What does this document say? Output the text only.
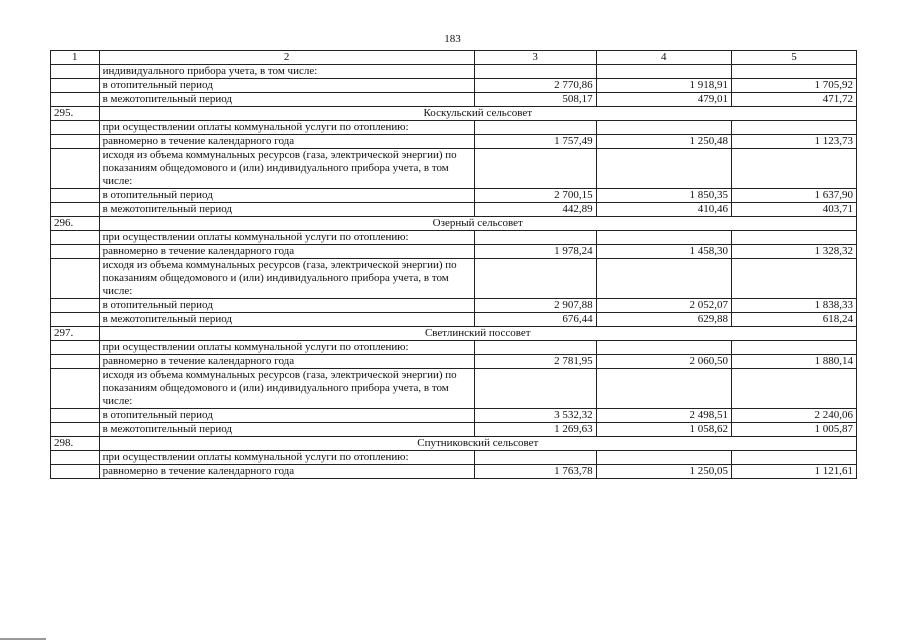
183
1	2	3	4	5
	индивидуального прибора учета, в том числе:			
	в отопительный период	2 770,86	1 918,91	1 705,92
	в межотопительный период	508,17	479,01	471,72
295.	Коскульский сельсовет			
	при осуществлении оплаты коммунальной услуги по отоплению:			
	равномерно в течение календарного года	1 757,49	1 250,48	1 123,73
	исходя из объема коммунальных ресурсов (газа, электрической энергии) по показаниям общедомового и (или) индивидуального прибора учета, в том числе:			
	в отопительный период	2 700,15	1 850,35	1 637,90
	в межотопительный период	442,89	410,46	403,71
296.	Озерный сельсовет			
	при осуществлении оплаты коммунальной услуги по отоплению:			
	равномерно в течение календарного года	1 978,24	1 458,30	1 328,32
	исходя из объема коммунальных ресурсов (газа, электрической энергии) по показаниям общедомового и (или) индивидуального прибора учета, в том числе:			
	в отопительный период	2 907,88	2 052,07	1 838,33
	в межотопительный период	676,44	629,88	618,24
297.	Светлинский поссовет			
	при осуществлении оплаты коммунальной услуги по отоплению:			
	равномерно в течение календарного года	2 781,95	2 060,50	1 880,14
	исходя из объема коммунальных ресурсов (газа, электрической энергии) по показаниям общедомового и (или) индивидуального прибора учета, в том числе:			
	в отопительный период	3 532,32	2 498,51	2 240,06
	в межотопительный период	1 269,63	1 058,62	1 005,87
298.	Спутниковский сельсовет			
	при осуществлении оплаты коммунальной услуги по отоплению:			
	равномерно в течение календарного года	1 763,78	1 250,05	1 121,61
